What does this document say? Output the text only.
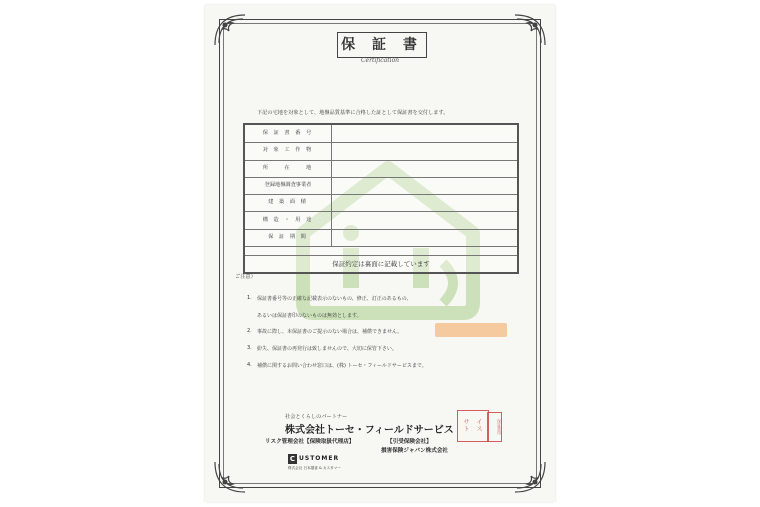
保 証 書
Certification
下記の宅地を対象として、地盤品質基準に合格した証として保証書を交付します。
保 証 書 番 号
対 象 工 作 物
所　　在　　地
登録地盤調査事業者
建 築 面 積
構 造 ・ 用 途
保 証 期 間
保証約定は裏面に記載しています
ご注意）
1. 保証書番号等の正確な記載表示のないもの、修正、訂正のあるもの、
あるいは保証書印のないものは無効とします。
2. 事故に際し、本保証書のご提示のない場合は、補償できません。
3. 紛失、保証書の再発行は致しませんので、大切に保管下さい。
4. 補償に関するお問い合わせ窓口は、(株) トーセ・フィールドサービスまで。
社会とくらしのパートナー
株式会社トーセ・フィールドサービス
サ	イ
ト	ス	保証書印
リスク管理会社【保険取扱代理店】	【引受保険会社】
損害保険ジャパン株式会社
C USTOMER
株式会社 日本損害 & カスタマー
